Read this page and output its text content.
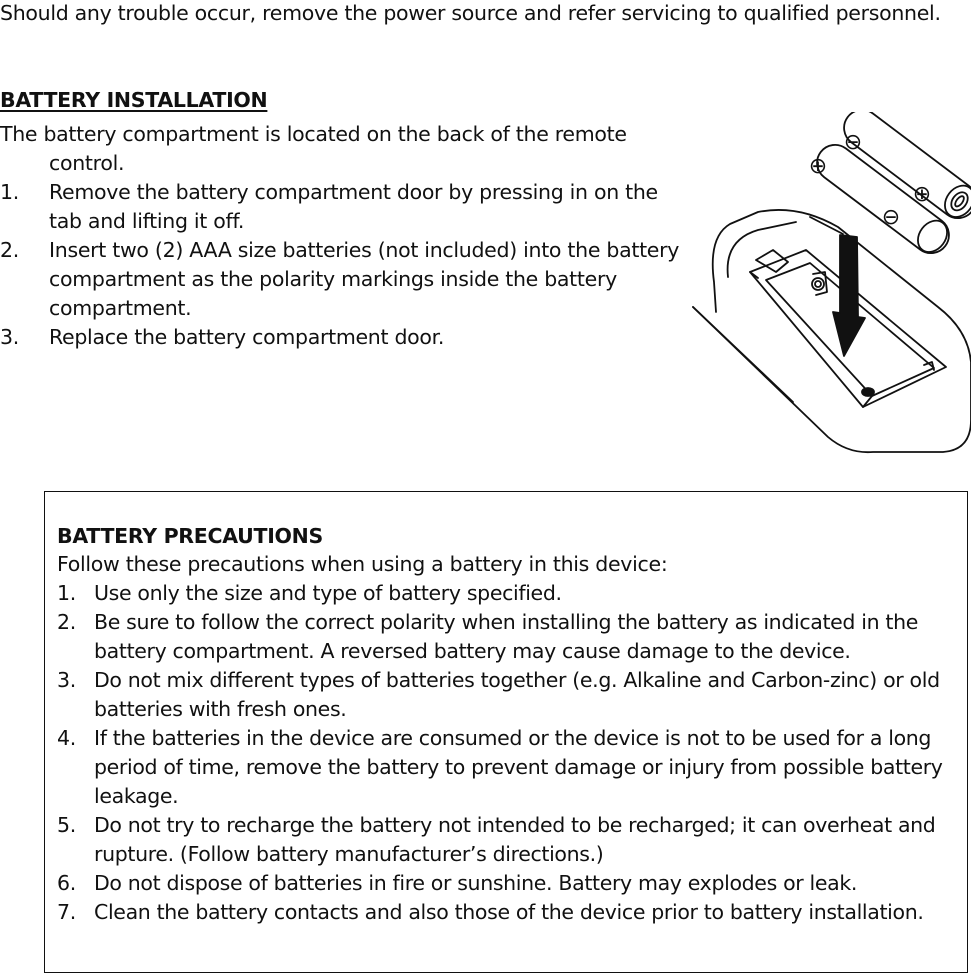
Should any trouble occur, remove the power source and refer servicing to qualified personnel.
BATTERY INSTALLATION

The battery compartment is located on the back of the remote control.

1. Remove the battery compartment door by pressing in on the tab and lifting it off.
2. Insert two (2) AAA size batteries (not included) into the battery compartment as the polarity markings inside the battery compartment.
3. Replace the battery compartment door.
⊕
⊖
⊕
⊖
BATTERY PRECAUTIONS
Follow these precautions when using a battery in this device:
1. Use only the size and type of battery specified.
2. Be sure to follow the correct polarity when installing the battery as indicated in the battery compartment. A reversed battery may cause damage to the device.
3. Do not mix different types of batteries together (e.g. Alkaline and Carbon-zinc) or old batteries with fresh ones.
4. If the batteries in the device are consumed or the device is not to be used for a long period of time, remove the battery to prevent damage or injury from possible battery leakage.
5. Do not try to recharge the battery not intended to be recharged; it can overheat and rupture. (Follow battery manufacturer’s directions.)
6. Do not dispose of batteries in fire or sunshine. Battery may explodes or leak.
7. Clean the battery contacts and also those of the device prior to battery installation.
